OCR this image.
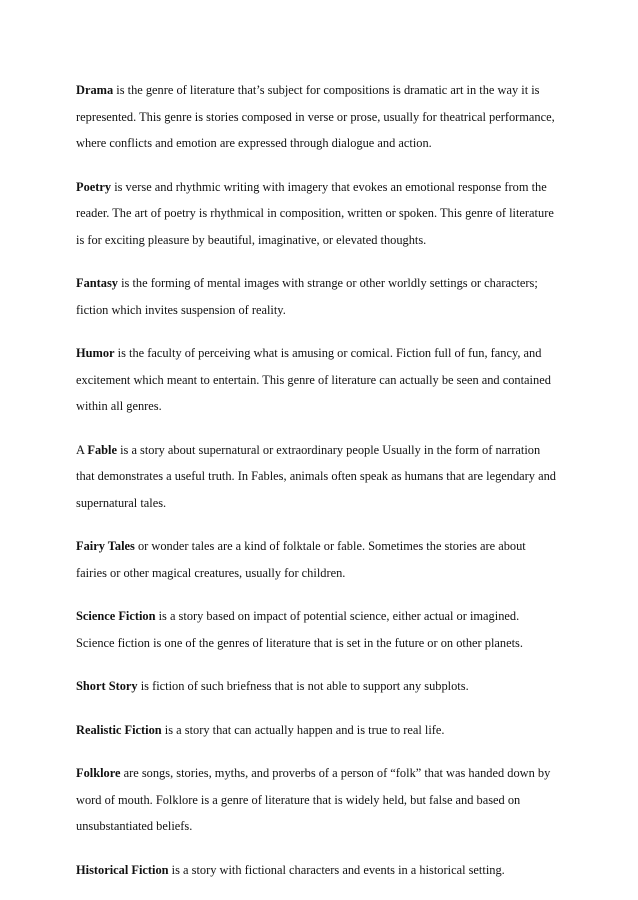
Drama is the genre of literature that’s subject for compositions is dramatic art in the way it is
represented. This genre is stories composed in verse or prose, usually for theatrical performance,
where conflicts and emotion are expressed through dialogue and action.

Poetry is verse and rhythmic writing with imagery that evokes an emotional response from the
reader. The art of poetry is rhythmical in composition, written or spoken. This genre of literature
is for exciting pleasure by beautiful, imaginative, or elevated thoughts.

Fantasy is the forming of mental images with strange or other worldly settings or characters;
fiction which invites suspension of reality.

Humor is the faculty of perceiving what is amusing or comical. Fiction full of fun, fancy, and
excitement which meant to entertain. This genre of literature can actually be seen and contained
within all genres.

A Fable is a story about supernatural or extraordinary people Usually in the form of narration
that demonstrates a useful truth. In Fables, animals often speak as humans that are legendary and
supernatural tales.

Fairy Tales or wonder tales are a kind of folktale or fable. Sometimes the stories are about
fairies or other magical creatures, usually for children.

Science Fiction is a story based on impact of potential science, either actual or imagined.
Science fiction is one of the genres of literature that is set in the future or on other planets.

Short Story is fiction of such briefness that is not able to support any subplots.

Realistic Fiction is a story that can actually happen and is true to real life.

Folklore are songs, stories, myths, and proverbs of a person of “folk” that was handed down by
word of mouth. Folklore is a genre of literature that is widely held, but false and based on
unsubstantiated beliefs.

Historical Fiction is a story with fictional characters and events in a historical setting.
